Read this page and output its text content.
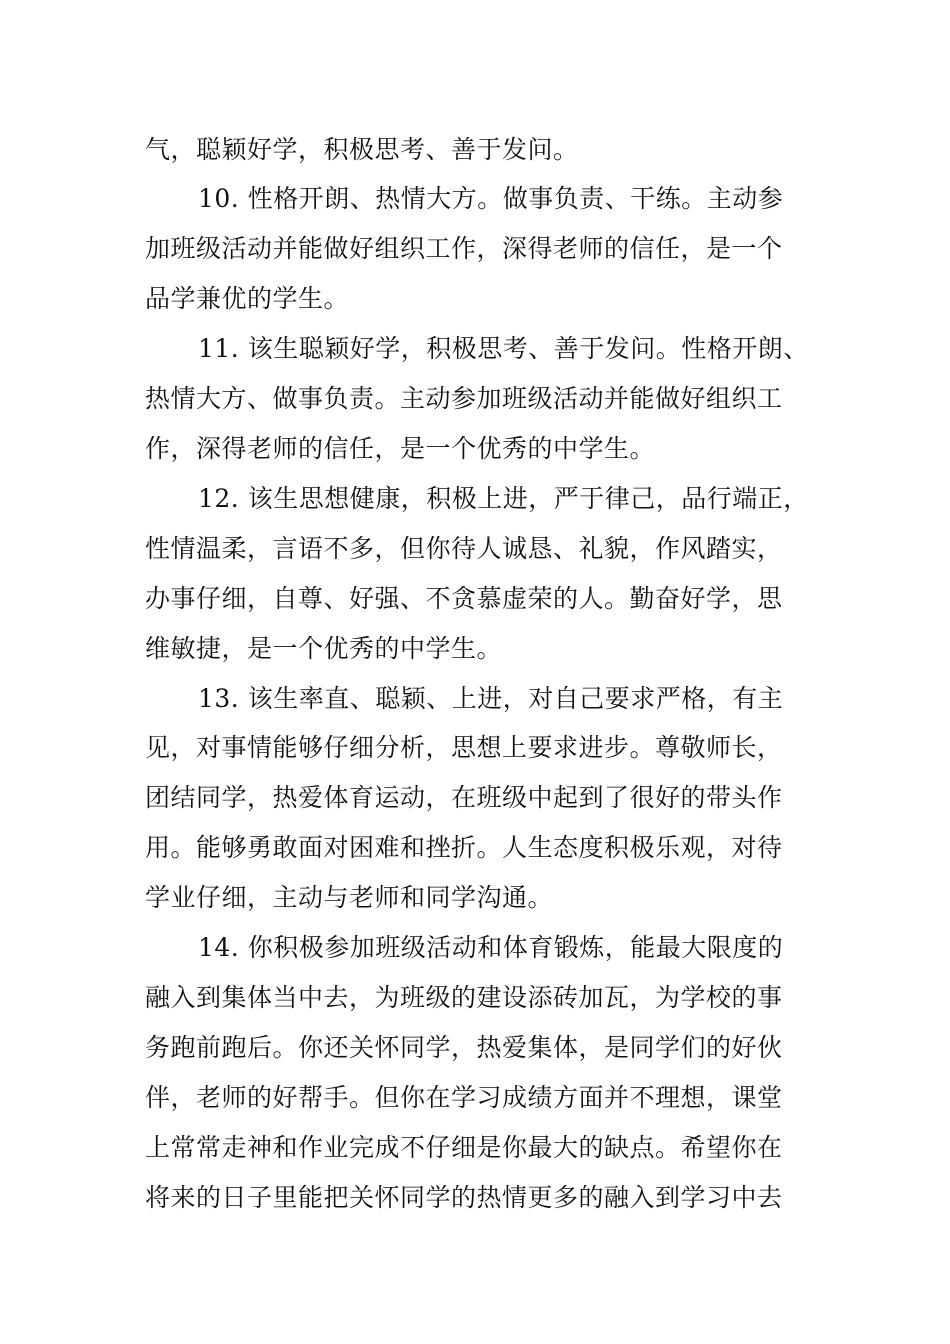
气，聪颖好学，积极思考、善于发问。
10. 性格开朗、热情大方。做事负责、干练。主动参
加班级活动并能做好组织工作，深得老师的信任，是一个
品学兼优的学生。
11. 该生聪颖好学，积极思考、善于发问。性格开朗、
热情大方、做事负责。主动参加班级活动并能做好组织工
作，深得老师的信任，是一个优秀的中学生。
12. 该生思想健康，积极上进，严于律己，品行端正，
性情温柔，言语不多，但你待人诚恳、礼貌，作风踏实，
办事仔细，自尊、好强、不贪慕虚荣的人。勤奋好学，思
维敏捷，是一个优秀的中学生。
13. 该生率直、聪颖、上进，对自己要求严格，有主
见，对事情能够仔细分析，思想上要求进步。尊敬师长，
团结同学，热爱体育运动，在班级中起到了很好的带头作
用。能够勇敢面对困难和挫折。人生态度积极乐观，对待
学业仔细，主动与老师和同学沟通。
14. 你积极参加班级活动和体育锻炼，能最大限度的
融入到集体当中去，为班级的建设添砖加瓦，为学校的事
务跑前跑后。你还关怀同学，热爱集体，是同学们的好伙
伴，老师的好帮手。但你在学习成绩方面并不理想，课堂
上常常走神和作业完成不仔细是你最大的缺点。希望你在
将来的日子里能把关怀同学的热情更多的融入到学习中去
